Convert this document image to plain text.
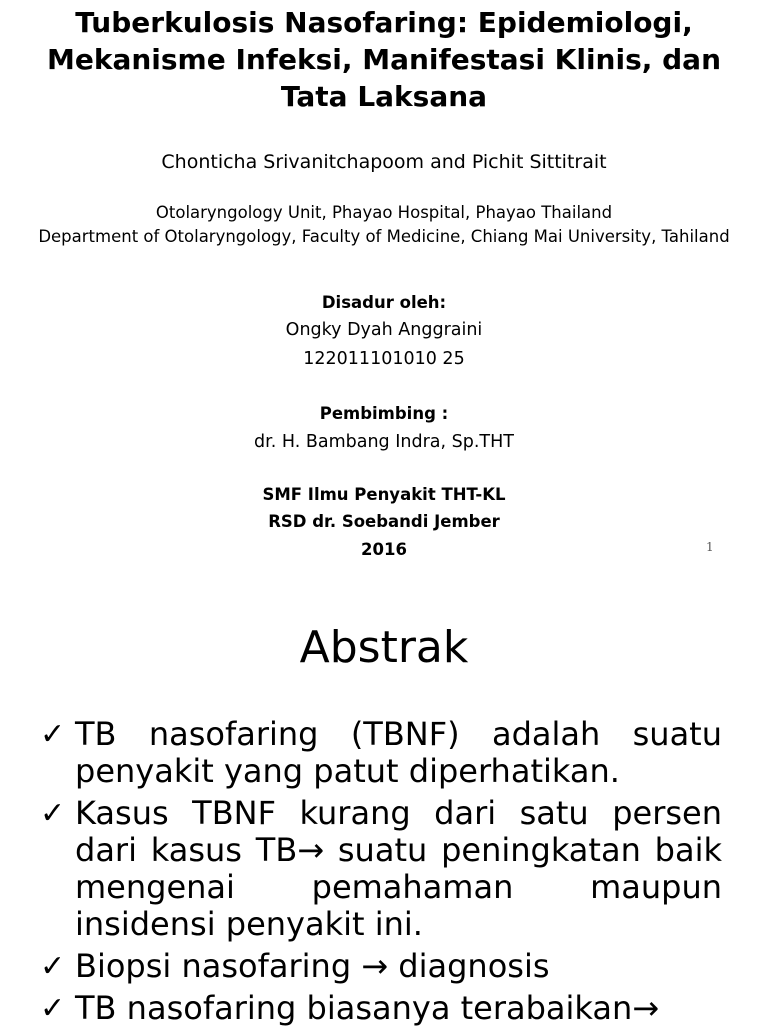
Tuberkulosis Nasofaring: Epidemiologi, Mekanisme Infeksi, Manifestasi Klinis, dan Tata Laksana
Chonticha Srivanitchapoom and Pichit Sittitrait
Otolaryngology Unit, Phayao Hospital, Phayao Thailand
Department of Otolaryngology, Faculty of Medicine, Chiang Mai University, Tahiland
Disadur oleh:
Ongky Dyah Anggraini
122011101010 25
Pembimbing :
dr. H. Bambang Indra, Sp.THT
SMF Ilmu Penyakit THT-KL
RSD dr. Soebandi Jember
2016	1
Abstrak
✓ TB nasofaring (TBNF) adalah suatu penyakit yang patut diperhatikan.
✓ Kasus TBNF kurang dari satu persen dari kasus TB→ suatu peningkatan baik mengenai pemahaman maupun insidensi penyakit ini.
✓ Biopsi nasofaring → diagnosis
✓ TB nasofaring biasanya terabaikan→
